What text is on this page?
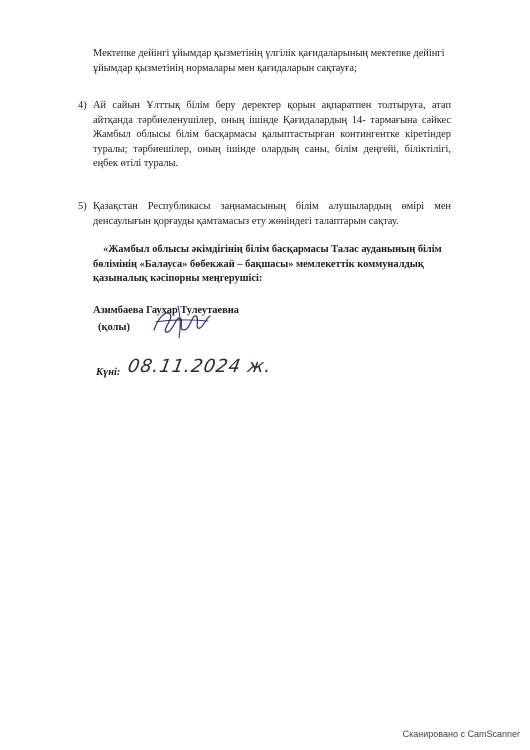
Мектепке дейінгі ұйымдар қызметінің үлгілік қағидаларының мектепке дейінгі

ұйымдар қызметінің нормалары мен қағидаларын сақтауға;

4) Ай сайын Ұлттық білім беру деректер қорын ақпаратпен толтыруға, атап айтқанда тәрбиеленушілер, оның ішінде Қағидалардың 14- тармағына сәйкес Жамбыл облысы білім басқармасы қалыптастырған контингентке кіретіндер туралы; тәрбиешілер, оның ішінде олардың саны, білім деңгейі, біліктілігі, еңбек өтілі туралы.
5) Қазақстан Республикасы заңнамасының білім алушылардың өмірі мен денсаулығын қорғауды қамтамасыз ету жөніндегі талаптарын сақтау.
«Жамбыл облысы әкімдігінің білім басқармасы Талас ауданының білім
бөлімінің «Балауса» бөбекжай – бақшасы» мемлекеттік коммуналдық
қазыналық кәсіпорны меңгерушісі:
Азимбаева Гаухар Тулеутаевна
(қолы)
Күні: 08.11.2024 ж.
Сканировано с CamScanner
